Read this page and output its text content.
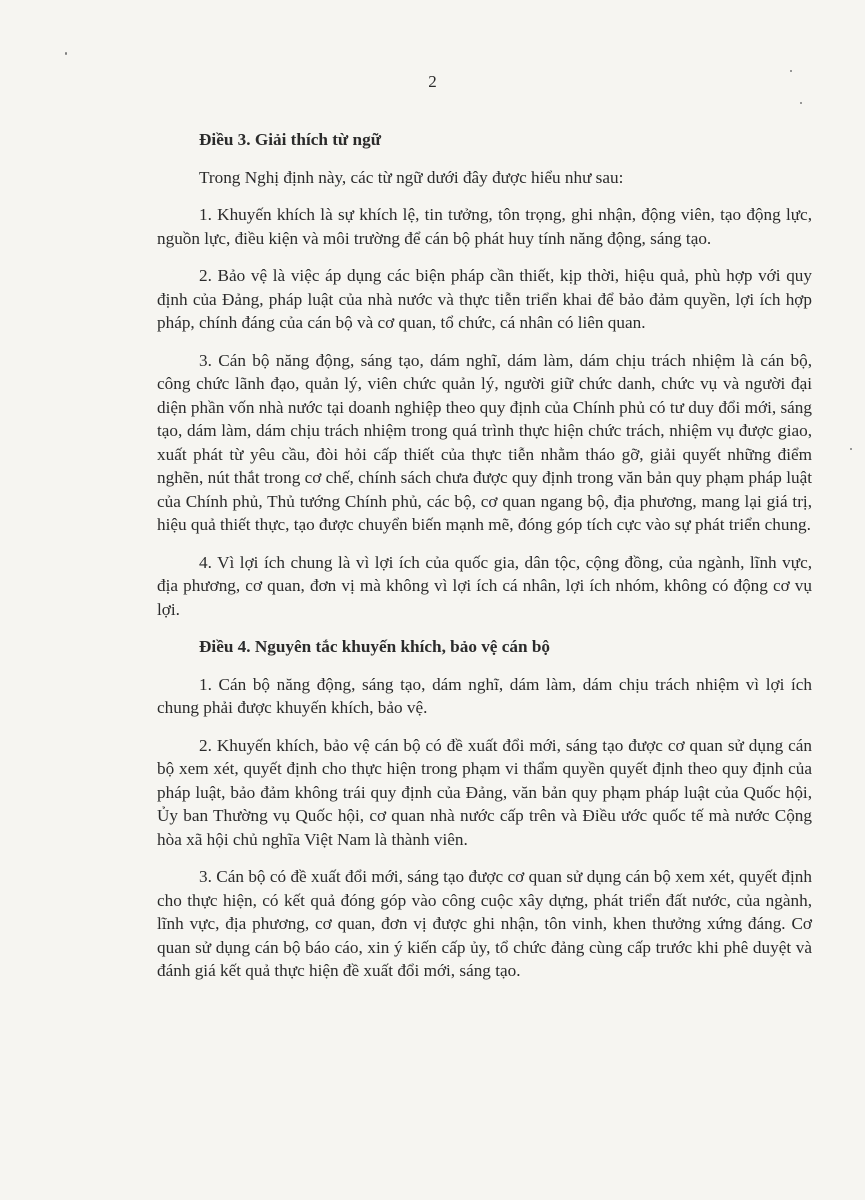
2

Điều 3. Giải thích từ ngữ

Trong Nghị định này, các từ ngữ dưới đây được hiểu như sau:

1. Khuyến khích là sự khích lệ, tin tưởng, tôn trọng, ghi nhận, động viên, tạo động lực, nguồn lực, điều kiện và môi trường để cán bộ phát huy tính năng động, sáng tạo.

2. Bảo vệ là việc áp dụng các biện pháp cần thiết, kịp thời, hiệu quả, phù hợp với quy định của Đảng, pháp luật của nhà nước và thực tiễn triển khai để bảo đảm quyền, lợi ích hợp pháp, chính đáng của cán bộ và cơ quan, tổ chức, cá nhân có liên quan.

3. Cán bộ năng động, sáng tạo, dám nghĩ, dám làm, dám chịu trách nhiệm là cán bộ, công chức lãnh đạo, quản lý, viên chức quản lý, người giữ chức danh, chức vụ và người đại diện phần vốn nhà nước tại doanh nghiệp theo quy định của Chính phủ có tư duy đổi mới, sáng tạo, dám làm, dám chịu trách nhiệm trong quá trình thực hiện chức trách, nhiệm vụ được giao, xuất phát từ yêu cầu, đòi hỏi cấp thiết của thực tiễn nhằm tháo gỡ, giải quyết những điểm nghẽn, nút thắt trong cơ chế, chính sách chưa được quy định trong văn bản quy phạm pháp luật của Chính phủ, Thủ tướng Chính phủ, các bộ, cơ quan ngang bộ, địa phương, mang lại giá trị, hiệu quả thiết thực, tạo được chuyển biến mạnh mẽ, đóng góp tích cực vào sự phát triển chung.

4. Vì lợi ích chung là vì lợi ích của quốc gia, dân tộc, cộng đồng, của ngành, lĩnh vực, địa phương, cơ quan, đơn vị mà không vì lợi ích cá nhân, lợi ích nhóm, không có động cơ vụ lợi.

Điều 4. Nguyên tắc khuyến khích, bảo vệ cán bộ

1. Cán bộ năng động, sáng tạo, dám nghĩ, dám làm, dám chịu trách nhiệm vì lợi ích chung phải được khuyến khích, bảo vệ.

2. Khuyến khích, bảo vệ cán bộ có đề xuất đổi mới, sáng tạo được cơ quan sử dụng cán bộ xem xét, quyết định cho thực hiện trong phạm vi thẩm quyền quyết định theo quy định của pháp luật, bảo đảm không trái quy định của Đảng, văn bản quy phạm pháp luật của Quốc hội, Ủy ban Thường vụ Quốc hội, cơ quan nhà nước cấp trên và Điều ước quốc tế mà nước Cộng hòa xã hội chủ nghĩa Việt Nam là thành viên.

3. Cán bộ có đề xuất đổi mới, sáng tạo được cơ quan sử dụng cán bộ xem xét, quyết định cho thực hiện, có kết quả đóng góp vào công cuộc xây dựng, phát triển đất nước, của ngành, lĩnh vực, địa phương, cơ quan, đơn vị được ghi nhận, tôn vinh, khen thưởng xứng đáng. Cơ quan sử dụng cán bộ báo cáo, xin ý kiến cấp ủy, tổ chức đảng cùng cấp trước khi phê duyệt và đánh giá kết quả thực hiện đề xuất đổi mới, sáng tạo.
